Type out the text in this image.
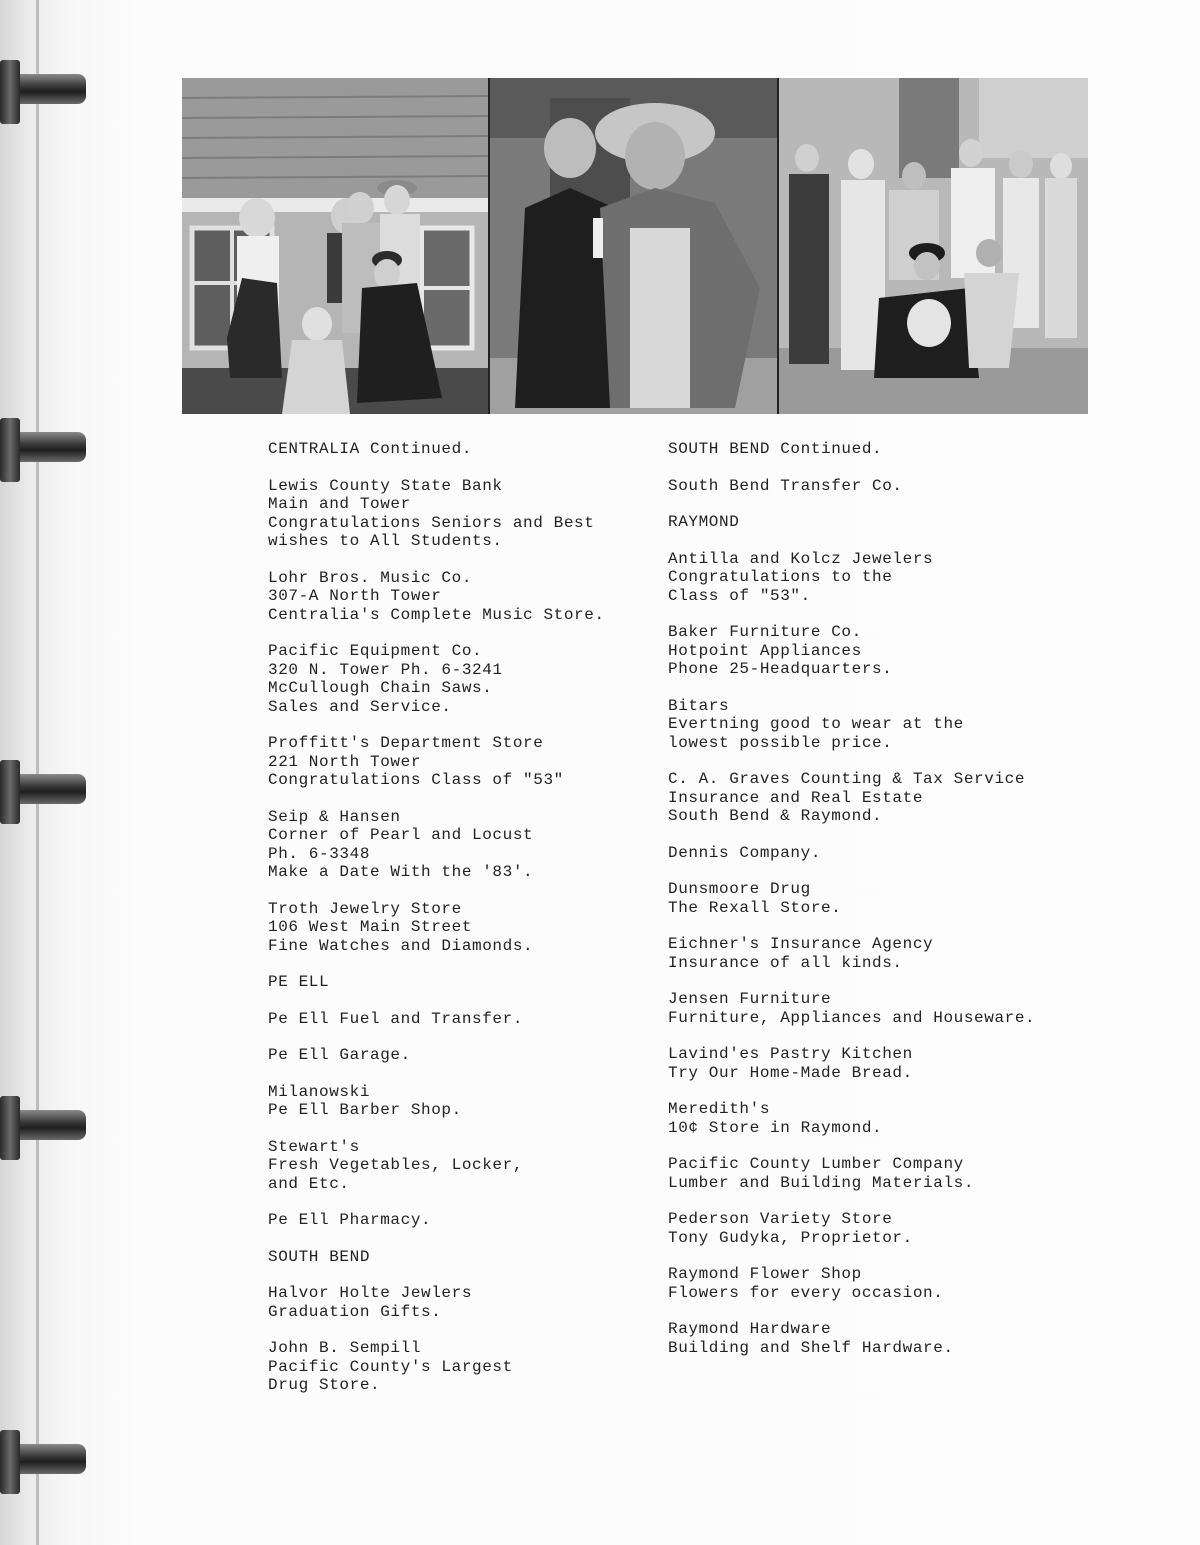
CENTRALIA Continued.
Lewis County State Bank
Main and Tower
Congratulations Seniors and Best
wishes to All Students.
Lohr Bros. Music Co.
307-A North Tower
Centralia's Complete Music Store.
Pacific Equipment Co.
320 N. Tower Ph. 6-3241
McCullough Chain Saws.
Sales and Service.
Proffitt's Department Store
221 North Tower
Congratulations Class of "53"
Seip & Hansen
Corner of Pearl and Locust
Ph. 6-3348
Make a Date With the '83'.
Troth Jewelry Store
106 West Main Street
Fine Watches and Diamonds.
PE ELL
Pe Ell Fuel and Transfer.
Pe Ell Garage.
Milanowski
Pe Ell Barber Shop.
Stewart's
Fresh Vegetables, Locker,
and Etc.
Pe Ell Pharmacy.
SOUTH BEND
Halvor Holte Jewlers
Graduation Gifts.
John B. Sempill
Pacific County's Largest
Drug Store.
SOUTH BEND Continued.
South Bend Transfer Co.
RAYMOND
Antilla and Kolcz Jewelers
Congratulations to the
Class of "53".
Baker Furniture Co.
Hotpoint Appliances
Phone 25-Headquarters.
Bitars
Evertning good to wear at the
lowest possible price.
C. A. Graves Counting & Tax Service
Insurance and Real Estate
South Bend & Raymond.
Dennis Company.
Dunsmoore Drug
The Rexall Store.
Eichner's Insurance Agency
Insurance of all kinds.
Jensen Furniture
Furniture, Appliances and Houseware.
Lavind'es Pastry Kitchen
Try Our Home-Made Bread.
Meredith's
10¢ Store in Raymond.
Pacific County Lumber Company
Lumber and Building Materials.
Pederson Variety Store
Tony Gudyka, Proprietor.
Raymond Flower Shop
Flowers for every occasion.
Raymond Hardware
Building and Shelf Hardware.
